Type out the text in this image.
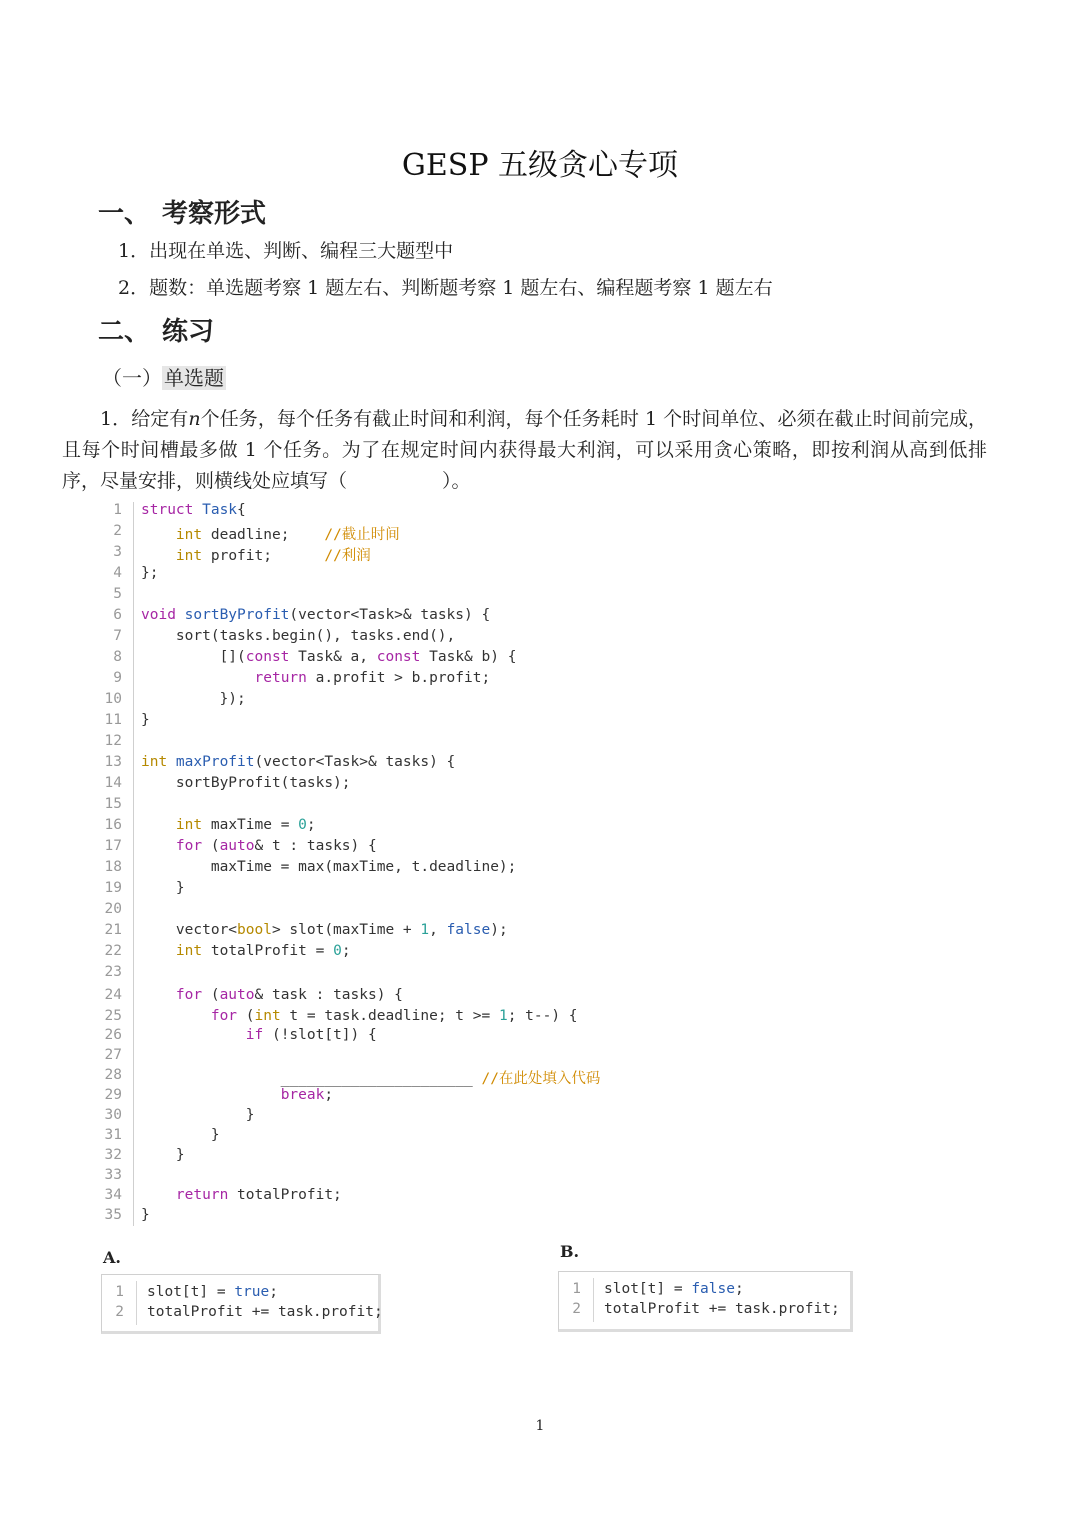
GESP 五级贪心专项
一、 考察形式
1．出现在单选、判断、编程三大题型中
2．题数：单选题考察 1 题左右、判断题考察 1 题左右、编程题考察 1 题左右
二、 练习
（一） 单选题
1．给定有n个任务，每个任务有截止时间和利润，每个任务耗时 1 个时间单位、必须在截止时间前完成，且每个时间槽最多做 1 个任务。为了在规定时间内获得最大利润，可以采用贪心策略，即按利润从高到低排序，尽量安排，则横线处应填写（　　　　　）。
1 struct Task{
2	int deadline;    //截止时间
3	int profit;      //利润
4 };
5
6 void sortByProfit(vector<Task>& tasks) {
7 sort(tasks.begin(), tasks.end(),
8 [](const Task& a, const Task& b) {
9	return a.profit > b.profit;
10 });
11 }
12
13 int maxProfit(vector<Task>& tasks) {
14 sortByProfit(tasks);
15
16	int maxTime = 0;
17	for (auto& t : tasks) {
18 maxTime = max(maxTime, t.deadline);
19 }
20
21 vector<bool> slot(maxTime + 1, false);
22	int totalProfit = 0;
23
24	for (auto& task : tasks) {
25	for (int t = task.deadline; t >= 1; t--) {
26	if (!slot[t]) {
27
28 ______________________ //在此处填入代码
29	break;
30 }
31 }
32 }
33
34	return totalProfit;
35 }
A.
1 slot[t] = true;
2 totalProfit += task.profit;
B.
1 slot[t] = false;
2 totalProfit += task.profit;
1
